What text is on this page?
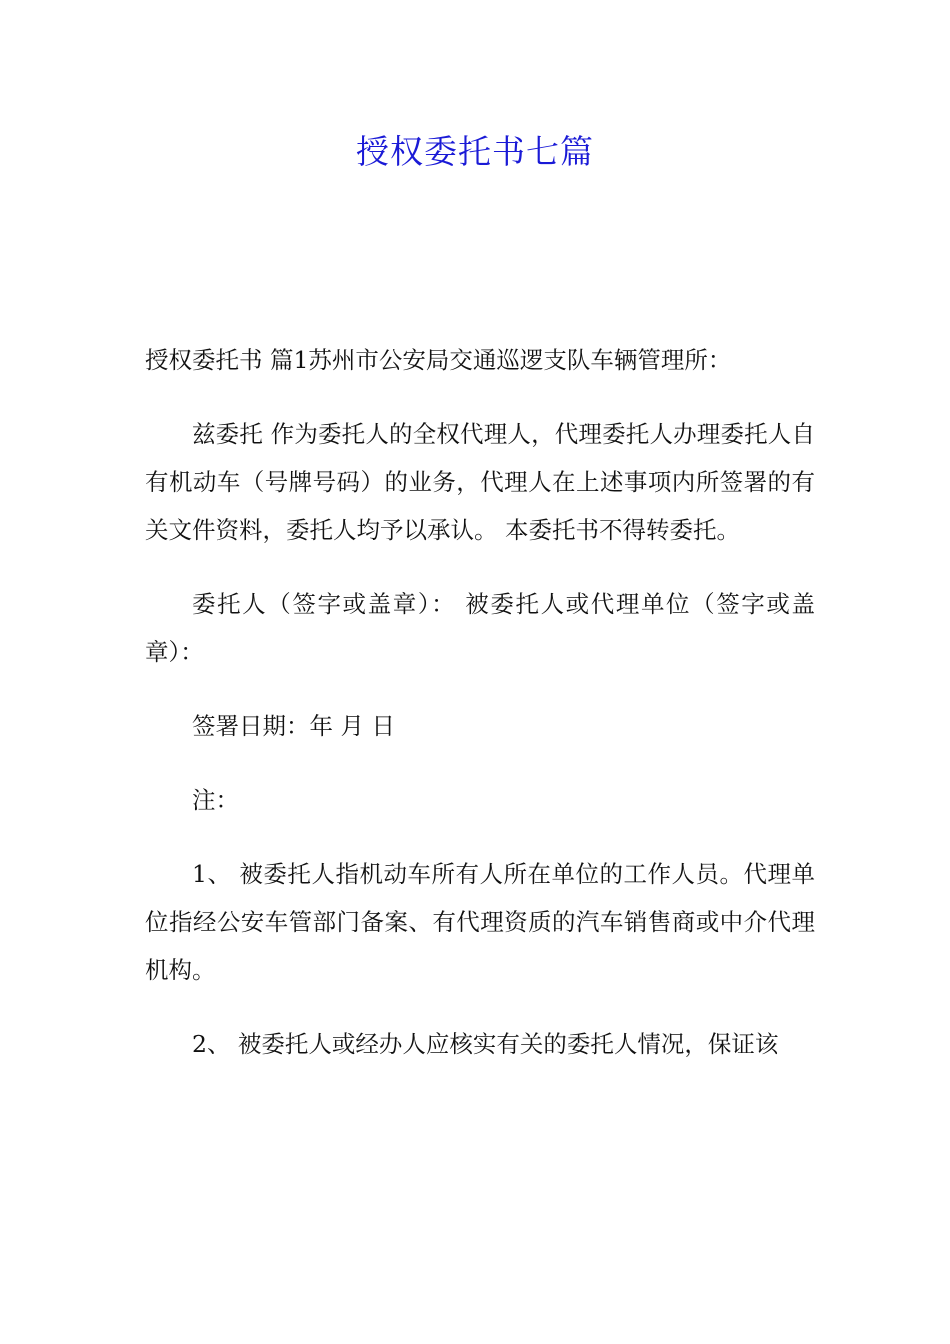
授权委托书七篇

授权委托书 篇1苏州市公安局交通巡逻支队车辆管理所：

兹委托 作为委托人的全权代理人，代理委托人办理委托人自有机动车（号牌号码）的业务，代理人在上述事项内所签署的有关文件资料，委托人均予以承认。 本委托书不得转委托。

委托人（签字或盖章）： 被委托人或代理单位（签字或盖章）：

签署日期：年 月 日

注：

1、 被委托人指机动车所有人所在单位的工作人员。代理单位指经公安车管部门备案、有代理资质的汽车销售商或中介代理机构。

2、 被委托人或经办人应核实有关的委托人情况，保证该
